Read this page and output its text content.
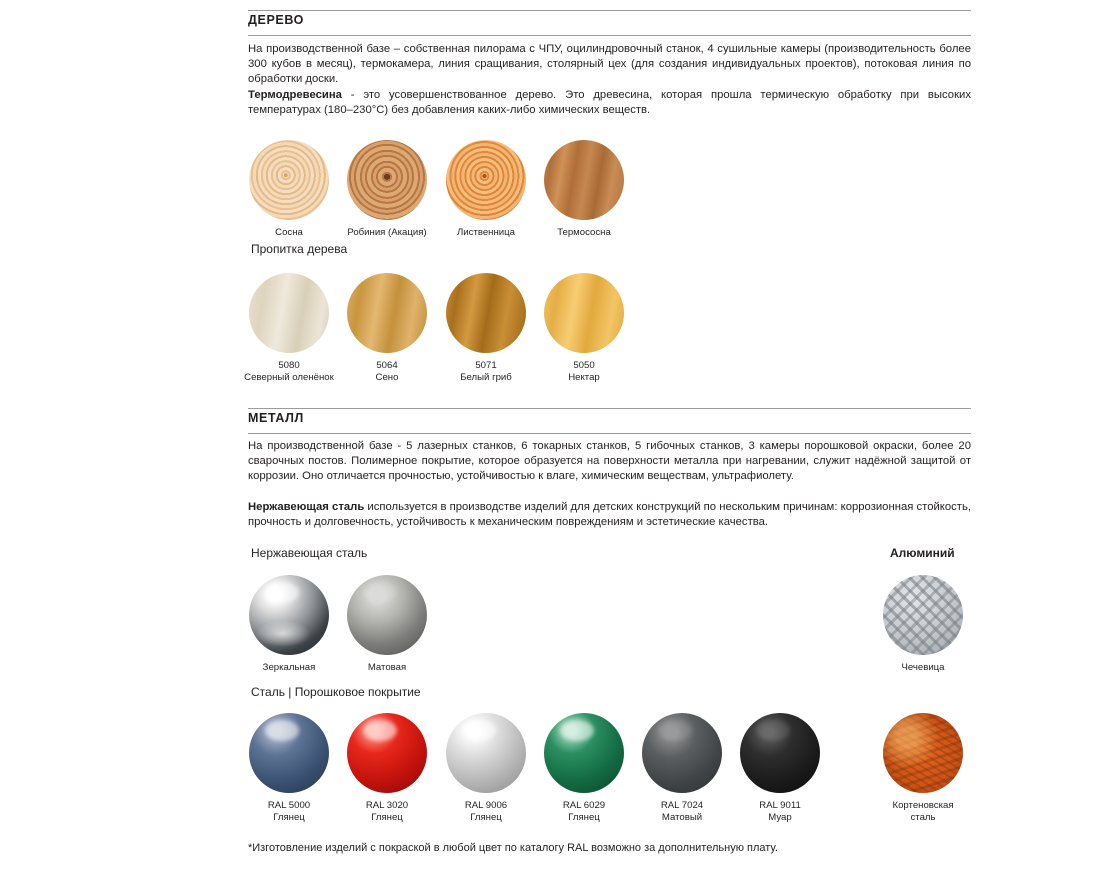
ДЕРЕВО
На производственной базе – собственная пилорама с ЧПУ, оцилиндровочный станок, 4 сушильные камеры (производительность более 300 кубов в месяц), термокамера, линия сращивания, столярный цех (для создания индивидуальных проектов), потоковая линия по обработки доски.
Термодревесина - это усовершенствованное дерево. Это древесина, которая прошла термическую обработку при высоких температурах (180–230°C) без добавления каких-либо химических веществ.
Сосна	Робиния (Акация)	Лиственница	Термососна
Пропитка дерева
5080
Северный оленёнок
5064
Сено
5071
Белый гриб
5050
Нектар
МЕТАЛЛ
На производственной базе - 5 лазерных станков, 6 токарных станков, 5 гибочных станков, 3 камеры порошковой окраски, более 20 сварочных постов. Полимерное покрытие, которое образуется на поверхности металла при нагревании, служит надёжной защитой от коррозии. Оно отличается прочностью, устойчивостью к влаге, химическим веществам, ультрафиолету.
Нержавеющая сталь используется в производстве изделий для детских конструкций по нескольким причинам: коррозионная стойкость, прочность и долговечность, устойчивость к механическим повреждениям и эстетические качества.
Нержавеющая сталь	Алюминий
Зеркальная	Матовая	Чечевица
Сталь | Порошковое покрытие
RAL 5000
Глянец
RAL 3020
Глянец
RAL 9006
Глянец
RAL 6029
Глянец
RAL 7024
Матовый
RAL 9011
Муар
Кортеновская
сталь
*Изготовление изделий с покраской в любой цвет по каталогу RAL возможно за дополнительную плату.
